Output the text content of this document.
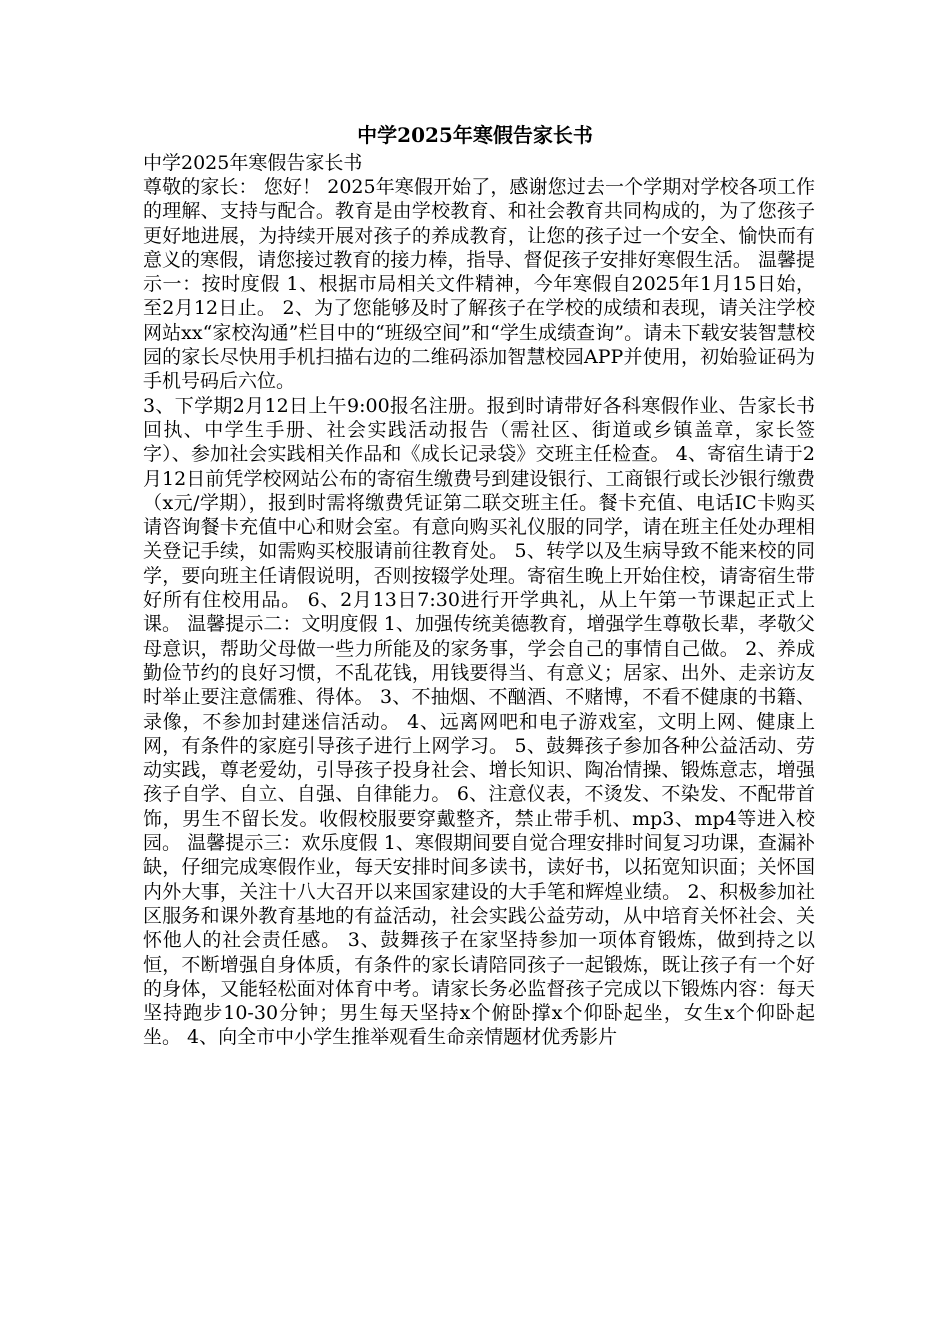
中学2025年寒假告家长书
中学2025年寒假告家长书

尊敬的家长： 您好！ 2025年寒假开始了，感谢您过去一个学期对学校各项工作的理解、支持与配合。教育是由学校教育、和社会教育共同构成的，为了您孩子更好地进展，为持续开展对孩子的养成教育，让您的孩子过一个安全、愉快而有意义的寒假，请您接过教育的接力棒，指导、督促孩子安排好寒假生活。 温馨提示一：按时度假 1、根据市局相关文件精神，今年寒假自2025年1月15日始，至2月12日止。 2、为了您能够及时了解孩子在学校的成绩和表现，请关注学校网站xx“家校沟通”栏目中的“班级空间”和“学生成绩查询”。请未下载安装智慧校园的家长尽快用手机扫描右边的二维码添加智慧校园APP并使用，初始验证码为手机号码后六位。

3、下学期2月12日上午9:00报名注册。报到时请带好各科寒假作业、告家长书回执、中学生手册、社会实践活动报告（需社区、街道或乡镇盖章，家长签字）、参加社会实践相关作品和《成长记录袋》交班主任检查。 4、寄宿生请于2月12日前凭学校网站公布的寄宿生缴费号到建设银行、工商银行或长沙银行缴费（x元/学期），报到时需将缴费凭证第二联交班主任。餐卡充值、电话IC卡购买请咨询餐卡充值中心和财会室。有意向购买礼仪服的同学，请在班主任处办理相关登记手续，如需购买校服请前往教育处。 5、转学以及生病导致不能来校的同学，要向班主任请假说明，否则按辍学处理。寄宿生晚上开始住校，请寄宿生带好所有住校用品。 6、2月13日7:30进行开学典礼，从上午第一节课起正式上课。 温馨提示二：文明度假 1、加强传统美德教育，增强学生尊敬长辈，孝敬父母意识，帮助父母做一些力所能及的家务事，学会自己的事情自己做。 2、养成勤俭节约的良好习惯，不乱花钱，用钱要得当、有意义；居家、出外、走亲访友时举止要注意儒雅、得体。 3、不抽烟、不酗酒、不赌博，不看不健康的书籍、录像，不参加封建迷信活动。 4、远离网吧和电子游戏室，文明上网、健康上网，有条件的家庭引导孩子进行上网学习。 5、鼓舞孩子参加各种公益活动、劳动实践，尊老爱幼，引导孩子投身社会、增长知识、陶冶情操、锻炼意志，增强孩子自学、自立、自强、自律能力。 6、注意仪表，不烫发、不染发、不配带首饰，男生不留长发。收假校服要穿戴整齐，禁止带手机、mp3、mp4等进入校园。 温馨提示三：欢乐度假 1、寒假期间要自觉合理安排时间复习功课，查漏补缺，仔细完成寒假作业，每天安排时间多读书，读好书，以拓宽知识面；关怀国内外大事，关注十八大召开以来国家建设的大手笔和辉煌业绩。 2、积极参加社区服务和课外教育基地的有益活动，社会实践公益劳动，从中培育关怀社会、关怀他人的社会责任感。 3、鼓舞孩子在家坚持参加一项体育锻炼，做到持之以恒，不断增强自身体质，有条件的家长请陪同孩子一起锻炼，既让孩子有一个好的身体，又能轻松面对体育中考。请家长务必监督孩子完成以下锻炼内容：每天坚持跑步10-30分钟；男生每天坚持x个俯卧撑x个仰卧起坐，女生x个仰卧起坐。 4、向全市中小学生推举观看生命亲情题材优秀影片
